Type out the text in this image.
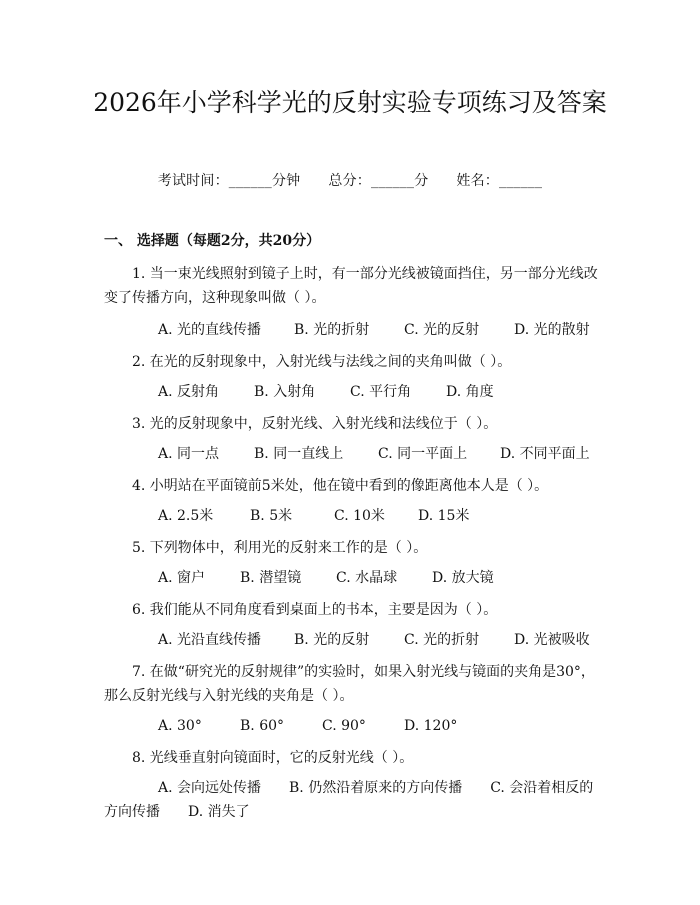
2026年小学科学光的反射实验专项练习及答案
考试时间：______分钟 总分：______分 姓名：______
一、 选择题（每题2分，共20分）
1. 当一束光线照射到镜子上时，有一部分光线被镜面挡住，另一部分光线改变了传播方向，这种现象叫做（ ）。
A. 光的直线传播 B. 光的折射 C. 光的反射 D. 光的散射
2. 在光的反射现象中，入射光线与法线之间的夹角叫做（ ）。
A. 反射角 B. 入射角 C. 平行角 D. 角度
3. 光的反射现象中，反射光线、入射光线和法线位于（ ）。
A. 同一点 B. 同一直线上 C. 同一平面上 D. 不同平面上
4. 小明站在平面镜前5米处，他在镜中看到的像距离他本人是（ ）。
A. 2.5米	B. 5米	C. 10米 D. 15米
5. 下列物体中，利用光的反射来工作的是（ ）。
A. 窗户 B. 潜望镜 C. 水晶球 D. 放大镜
6. 我们能从不同角度看到桌面上的书本，主要是因为（ ）。
A. 光沿直线传播 B. 光的反射 C. 光的折射 D. 光被吸收
7. 在做“研究光的反射规律”的实验时，如果入射光线与镜面的夹角是30°，那么反射光线与入射光线的夹角是（ ）。
A. 30°	B. 60°	C. 90°	D. 120°
8. 光线垂直射向镜面时，它的反射光线（ ）。
A. 会向远处传播　　B. 仍然沿着原来的方向传播　　C. 会沿着相反的方向传播　　D. 消失了
